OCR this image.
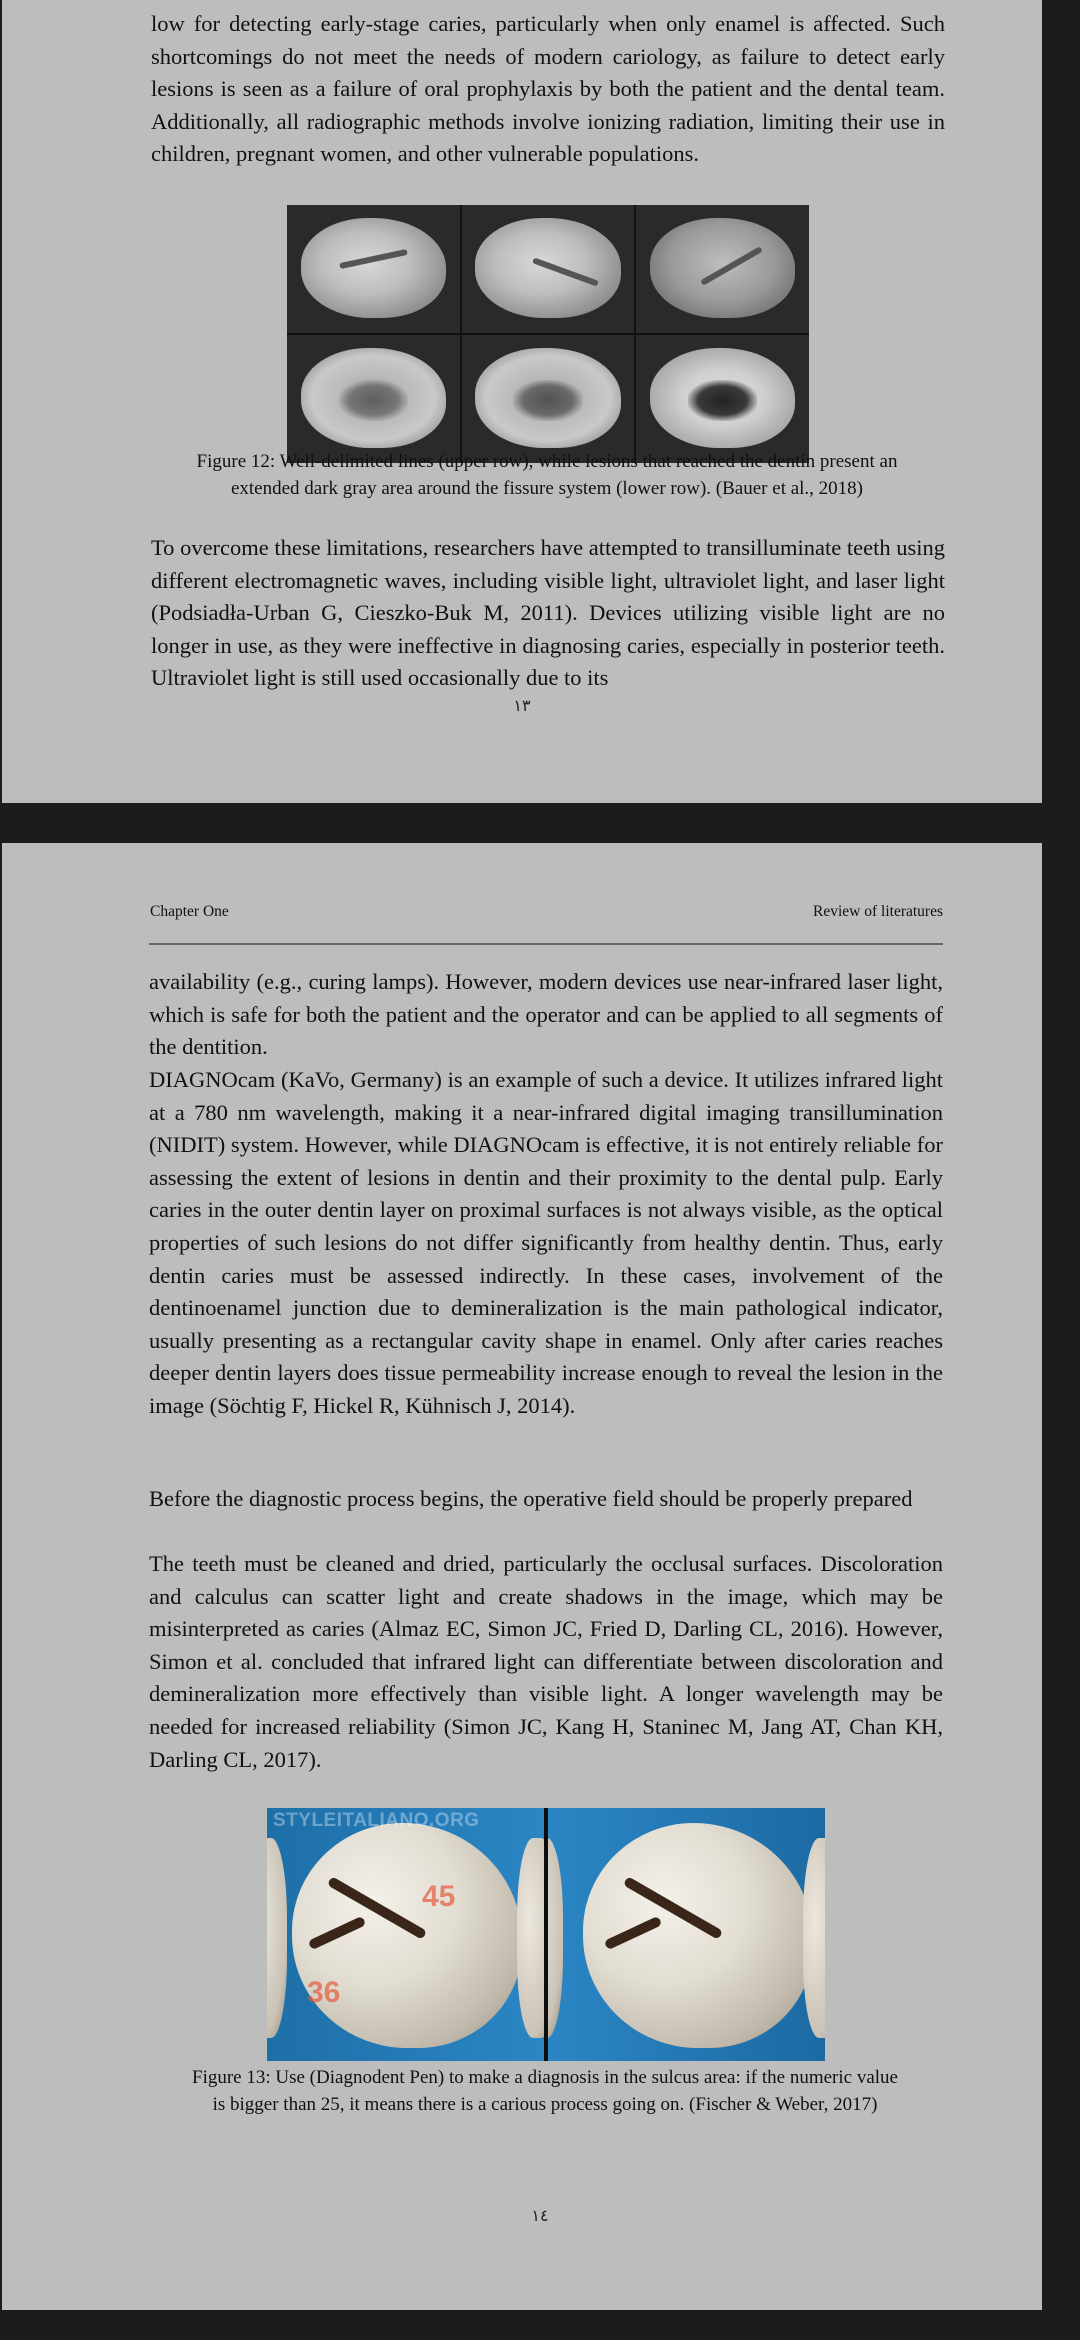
low for detecting early-stage caries, particularly when only enamel is affected. Such shortcomings do not meet the needs of modern cariology, as failure to detect early lesions is seen as a failure of oral prophylaxis by both the patient and the dental team. Additionally, all radiographic methods involve ionizing radiation, limiting their use in children, pregnant women, and other vulnerable populations.

Figure 12: Well-delimited lines (upper row), while lesions that reached the dentin present an

extended dark gray area around the fissure system (lower row). (Bauer et al., 2018)

To overcome these limitations, researchers have attempted to transilluminate teeth using different electromagnetic waves, including visible light, ultraviolet light, and laser light (Podsiadła-Urban G, Cieszko-Buk M, 2011). Devices utilizing visible light are no longer in use, as they were ineffective in diagnosing caries, especially in posterior teeth. Ultraviolet light is still used occasionally due to its

١٣
Chapter One	Review of literatures

availability (e.g., curing lamps). However, modern devices use near-infrared laser light, which is safe for both the patient and the operator and can be applied to all segments of the dentition.

DIAGNOcam (KaVo, Germany) is an example of such a device. It utilizes infrared light at a 780 nm wavelength, making it a near-infrared digital imaging transillumination (NIDIT) system. However, while DIAGNOcam is effective, it is not entirely reliable for assessing the extent of lesions in dentin and their proximity to the dental pulp. Early caries in the outer dentin layer on proximal surfaces is not always visible, as the optical properties of such lesions do not differ significantly from healthy dentin. Thus, early dentin caries must be assessed indirectly. In these cases, involvement of the dentinoenamel junction due to demineralization is the main pathological indicator, usually presenting as a rectangular cavity shape in enamel. Only after caries reaches deeper dentin layers does tissue permeability increase enough to reveal the lesion in the image (Söchtig F, Hickel R, Kühnisch J, 2014).

Before the diagnostic process begins, the operative field should be properly prepared

The teeth must be cleaned and dried, particularly the occlusal surfaces. Discoloration and calculus can scatter light and create shadows in the image, which may be misinterpreted as caries (Almaz EC, Simon JC, Fried D, Darling CL, 2016). However, Simon et al. concluded that infrared light can differentiate between discoloration and demineralization more effectively than visible light. A longer wavelength may be needed for increased reliability (Simon JC, Kang H, Staninec M, Jang AT, Chan KH, Darling CL, 2017).

36
45
STYLEITALIANO.ORG

Figure 13: Use (Diagnodent Pen) to make a diagnosis in the sulcus area: if the numeric value

is bigger than 25, it means there is a carious process going on. (Fischer & Weber, 2017)

١٤
